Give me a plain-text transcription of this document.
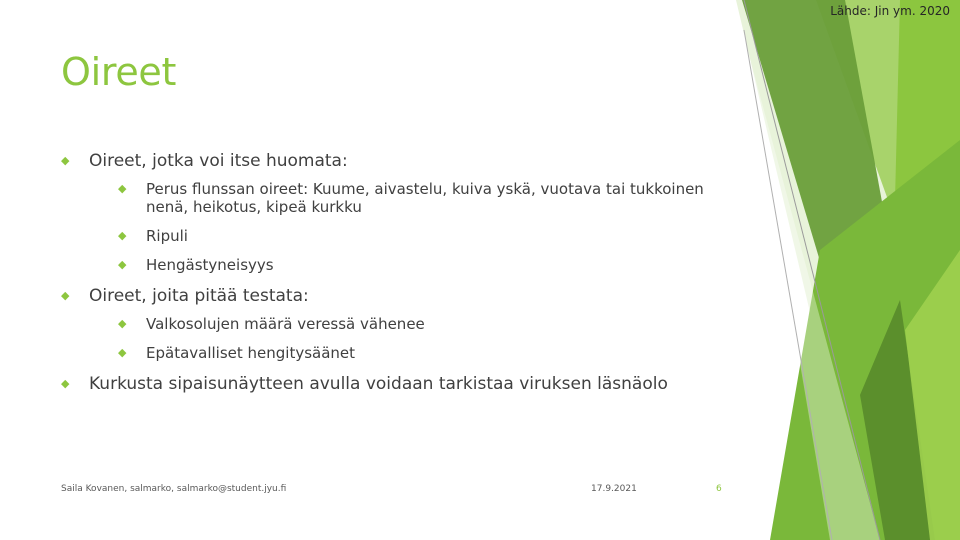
Lähde: Jin ym. 2020
Oireet
◆ Oireet, jotka voi itse huomata:
◆ Perus flunssan oireet: Kuume, aivastelu, kuiva yskä, vuotava tai tukkoinen nenä, heikotus, kipeä kurkku
◆ Ripuli
◆ Hengästyneisyys
◆ Oireet, joita pitää testata:
◆ Valkosolujen määrä veressä vähenee
◆ Epätavalliset hengitysäänet
◆ Kurkusta sipaisunäytteen avulla voidaan tarkistaa viruksen läsnäolo
Saila Kovanen, salmarko, salmarko@student.jyu.fi	17.9.2021	6
